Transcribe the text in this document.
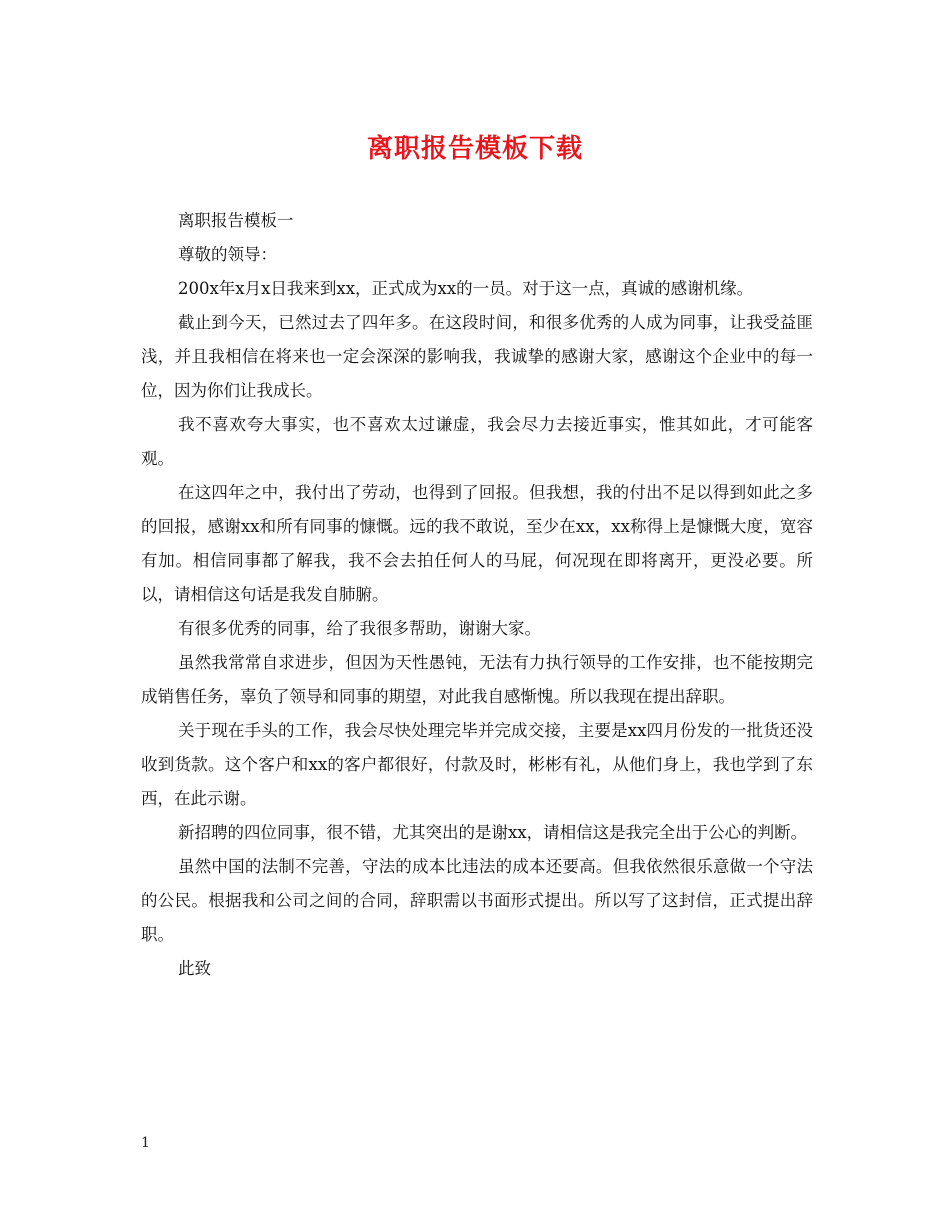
离职报告模板下载

离职报告模板一

尊敬的领导：

200x年x月x日我来到xx，正式成为xx的一员。对于这一点，真诚的感谢机缘。

截止到今天，已然过去了四年多。在这段时间，和很多优秀的人成为同事，让我受益匪浅，并且我相信在将来也一定会深深的影响我，我诚挚的感谢大家，感谢这个企业中的每一位，因为你们让我成长。

我不喜欢夸大事实，也不喜欢太过谦虚，我会尽力去接近事实，惟其如此，才可能客观。

在这四年之中，我付出了劳动，也得到了回报。但我想，我的付出不足以得到如此之多的回报，感谢xx和所有同事的慷慨。远的我不敢说，至少在xx，xx称得上是慷慨大度，宽容有加。相信同事都了解我，我不会去拍任何人的马屁，何况现在即将离开，更没必要。所以，请相信这句话是我发自肺腑。

有很多优秀的同事，给了我很多帮助，谢谢大家。

虽然我常常自求进步，但因为天性愚钝，无法有力执行领导的工作安排，也不能按期完成销售任务，辜负了领导和同事的期望，对此我自感惭愧。所以我现在提出辞职。

关于现在手头的工作，我会尽快处理完毕并完成交接，主要是xx四月份发的一批货还没收到货款。这个客户和xx的客户都很好，付款及时，彬彬有礼，从他们身上，我也学到了东西，在此示谢。

新招聘的四位同事，很不错，尤其突出的是谢xx，请相信这是我完全出于公心的判断。

虽然中国的法制不完善，守法的成本比违法的成本还要高。但我依然很乐意做一个守法的公民。根据我和公司之间的合同，辞职需以书面形式提出。所以写了这封信，正式提出辞职。

此致

1
